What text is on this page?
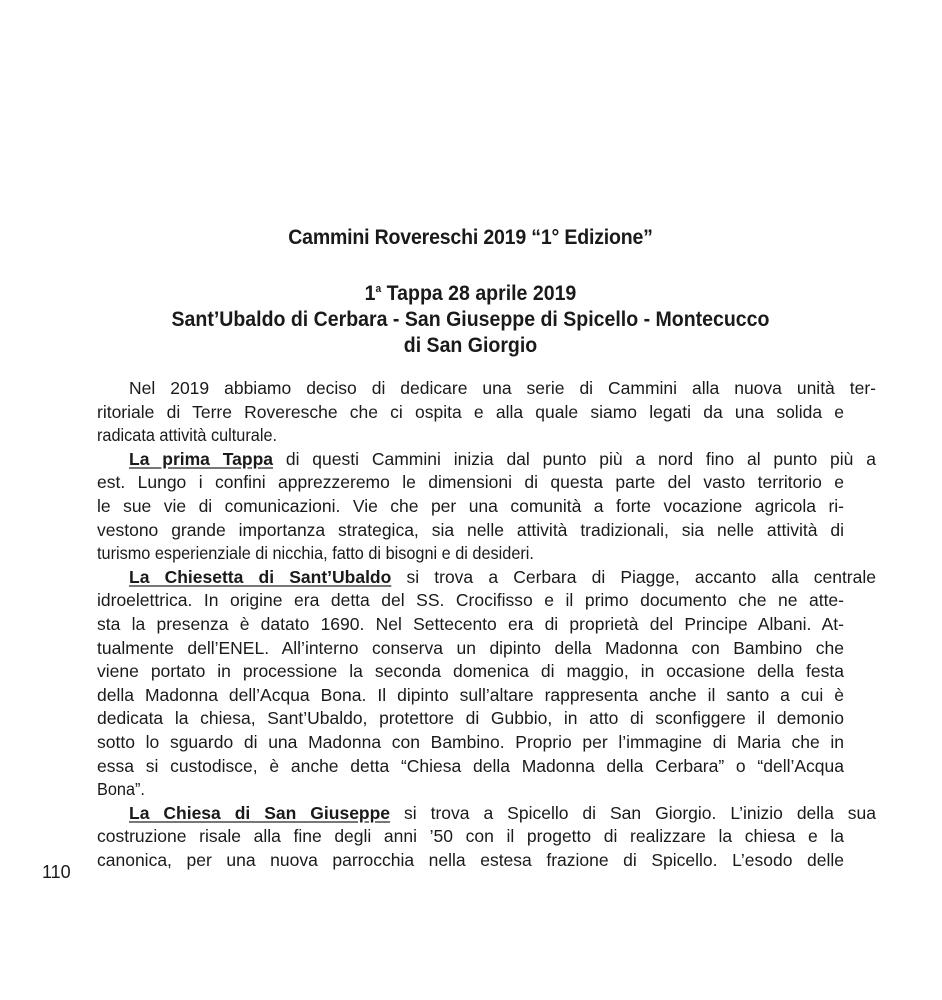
Cammini Rovereschi 2019 “1° Edizione”
1$^a$ Tappa 28 aprile 2019
Sant’Ubaldo di Cerbara - San Giuseppe di Spicello - Montecucco
di San Giorgio
Nel 2019 abbiamo deciso di dedicare una serie di Cammini alla nuova unità ter-
ritoriale di Terre Roveresche che ci ospita e alla quale siamo legati da una solida e
radicata attività culturale.
La prima Tappa di questi Cammini inizia dal punto più a nord fino al punto più a
est. Lungo i confini apprezzeremo le dimensioni di questa parte del vasto territorio e
le sue vie di comunicazioni. Vie che per una comunità a forte vocazione agricola ri-
vestono grande importanza strategica, sia nelle attività tradizionali, sia nelle attività di
turismo esperienziale di nicchia, fatto di bisogni e di desideri.
La Chiesetta di Sant’Ubaldo si trova a Cerbara di Piagge, accanto alla centrale
idroelettrica. In origine era detta del SS. Crocifisso e il primo documento che ne atte-
sta la presenza è datato 1690. Nel Settecento era di proprietà del Principe Albani. At-
tualmente dell’ENEL. All’interno conserva un dipinto della Madonna con Bambino che
viene portato in processione la seconda domenica di maggio, in occasione della festa
della Madonna dell’Acqua Bona. Il dipinto sull’altare rappresenta anche il santo a cui è
dedicata la chiesa, Sant’Ubaldo, protettore di Gubbio, in atto di sconfiggere il demonio
sotto lo sguardo di una Madonna con Bambino. Proprio per l’immagine di Maria che in
essa si custodisce, è anche detta “Chiesa della Madonna della Cerbara” o “dell’Acqua
Bona”.
La Chiesa di San Giuseppe si trova a Spicello di San Giorgio. L’inizio della sua
costruzione risale alla fine degli anni ’50 con il progetto di realizzare la chiesa e la
canonica, per una nuova parrocchia nella estesa frazione di Spicello. L’esodo delle
110
